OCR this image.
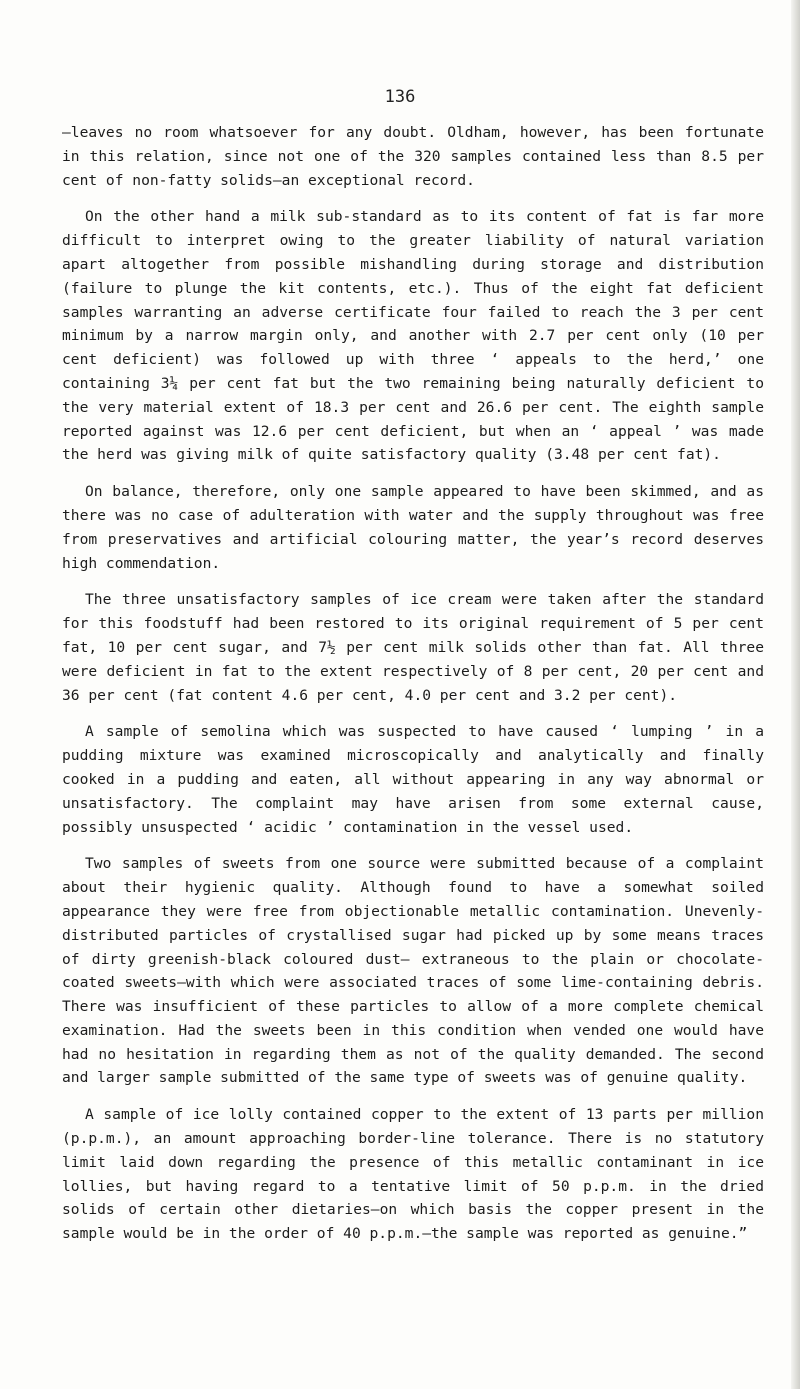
136

—leaves no room whatsoever for any doubt. Oldham, however, has been fortunate in this relation, since not one of the 320 samples contained less than 8.5 per cent of non-fatty solids—an exceptional record.

On the other hand a milk sub-standard as to its content of fat is far more difficult to interpret owing to the greater liability of natural variation apart altogether from possible mishandling during storage and distribution (failure to plunge the kit contents, etc.). Thus of the eight fat deficient samples warranting an adverse certificate four failed to reach the 3 per cent minimum by a narrow margin only, and another with 2.7 per cent only (10 per cent deficient) was followed up with three ‘ appeals to the herd,’ one containing 3¼ per cent fat but the two remaining being naturally deficient to the very material extent of 18.3 per cent and 26.6 per cent. The eighth sample reported against was 12.6 per cent deficient, but when an ‘ appeal ’ was made the herd was giving milk of quite satisfactory quality (3.48 per cent fat).

On balance, therefore, only one sample appeared to have been skimmed, and as there was no case of adulteration with water and the supply throughout was free from preservatives and artificial colouring matter, the year’s record deserves high commendation.

The three unsatisfactory samples of ice cream were taken after the standard for this foodstuff had been restored to its original requirement of 5 per cent fat, 10 per cent sugar, and 7½ per cent milk solids other than fat. All three were deficient in fat to the extent respectively of 8 per cent, 20 per cent and 36 per cent (fat content 4.6 per cent, 4.0 per cent and 3.2 per cent).

A sample of semolina which was suspected to have caused ‘ lumping ’ in a pudding mixture was examined microscopically and analytically and finally cooked in a pudding and eaten, all without appearing in any way abnormal or unsatisfactory. The complaint may have arisen from some external cause, possibly unsuspected ‘ acidic ’ contamination in the vessel used.

Two samples of sweets from one source were submitted because of a complaint about their hygienic quality. Although found to have a somewhat soiled appearance they were free from objectionable metallic contamination. Unevenly-distributed particles of crystallised sugar had picked up by some means traces of dirty greenish-black coloured dust— extraneous to the plain or chocolate-coated sweets—with which were associated traces of some lime-containing debris. There was insufficient of these particles to allow of a more complete chemical examination. Had the sweets been in this condition when vended one would have had no hesitation in regarding them as not of the quality demanded. The second and larger sample submitted of the same type of sweets was of genuine quality.

A sample of ice lolly contained copper to the extent of 13 parts per million (p.p.m.), an amount approaching border-line tolerance. There is no statutory limit laid down regarding the presence of this metallic contaminant in ice lollies, but having regard to a tentative limit of 50 p.p.m. in the dried solids of certain other dietaries—on which basis the copper present in the sample would be in the order of 40 p.p.m.—the sample was reported as genuine.”
